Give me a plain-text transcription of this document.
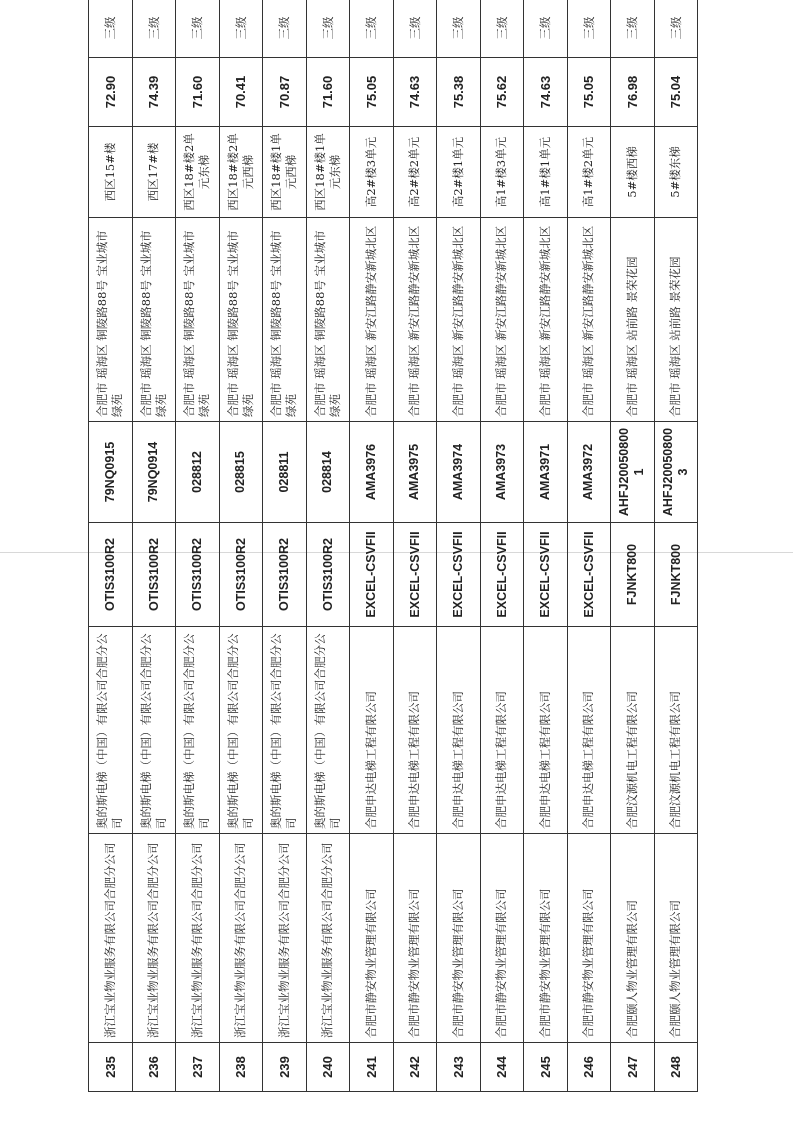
235	浙江宝业物业服务有限公司合肥分公司	奥的斯电梯（中国）有限公司合肥分公司	OTIS3100R2	79NQ0915	合肥市 瑶海区 铜陵路88号 宝业城市绿苑	西区15#楼	72.90	三级
236	浙江宝业物业服务有限公司合肥分公司	奥的斯电梯（中国）有限公司合肥分公司	OTIS3100R2	79NQ0914	合肥市 瑶海区 铜陵路88号 宝业城市绿苑	西区17#楼	74.39	三级
237	浙江宝业物业服务有限公司合肥分公司	奥的斯电梯（中国）有限公司合肥分公司	OTIS3100R2	028812	合肥市 瑶海区 铜陵路88号 宝业城市绿苑	西区18#楼2单元东梯	71.60	三级
238	浙江宝业物业服务有限公司合肥分公司	奥的斯电梯（中国）有限公司合肥分公司	OTIS3100R2	028815	合肥市 瑶海区 铜陵路88号 宝业城市绿苑	西区18#楼2单元西梯	70.41	三级
239	浙江宝业物业服务有限公司合肥分公司	奥的斯电梯（中国）有限公司合肥分公司	OTIS3100R2	028811	合肥市 瑶海区 铜陵路88号 宝业城市绿苑	西区18#楼1单元西梯	70.87	三级
240	浙江宝业物业服务有限公司合肥分公司	奥的斯电梯（中国）有限公司合肥分公司	OTIS3100R2	028814	合肥市 瑶海区 铜陵路88号 宝业城市绿苑	西区18#楼1单元东梯	71.60	三级
241	合肥市静安物业管理有限公司	合肥申达电梯工程有限公司	EXCEL-CSVFII	AMA3976	合肥市 瑶海区 新安江路静安新城北区	高2#楼3单元	75.05	三级
242	合肥市静安物业管理有限公司	合肥申达电梯工程有限公司	EXCEL-CSVFII	AMA3975	合肥市 瑶海区 新安江路静安新城北区	高2#楼2单元	74.63	三级
243	合肥市静安物业管理有限公司	合肥申达电梯工程有限公司	EXCEL-CSVFII	AMA3974	合肥市 瑶海区 新安江路静安新城北区	高2#楼1单元	75.38	三级
244	合肥市静安物业管理有限公司	合肥申达电梯工程有限公司	EXCEL-CSVFII	AMA3973	合肥市 瑶海区 新安江路静安新城北区	高1#楼3单元	75.62	三级
245	合肥市静安物业管理有限公司	合肥申达电梯工程有限公司	EXCEL-CSVFII	AMA3971	合肥市 瑶海区 新安江路静安新城北区	高1#楼1单元	74.63	三级
246	合肥市静安物业管理有限公司	合肥申达电梯工程有限公司	EXCEL-CSVFII	AMA3972	合肥市 瑶海区 新安江路静安新城北区	高1#楼2单元	75.05	三级
247	合肥颐人物业管理有限公司	合肥汶源机电工程有限公司	FJNKT800	AHFJ200508001	合肥市 瑶海区 站前路 景荣花园	5#楼西梯	76.98	三级
248	合肥颐人物业管理有限公司	合肥汶源机电工程有限公司	FJNKT800	AHFJ200508003	合肥市 瑶海区 站前路 景荣花园	5#楼东梯	75.04	三级
